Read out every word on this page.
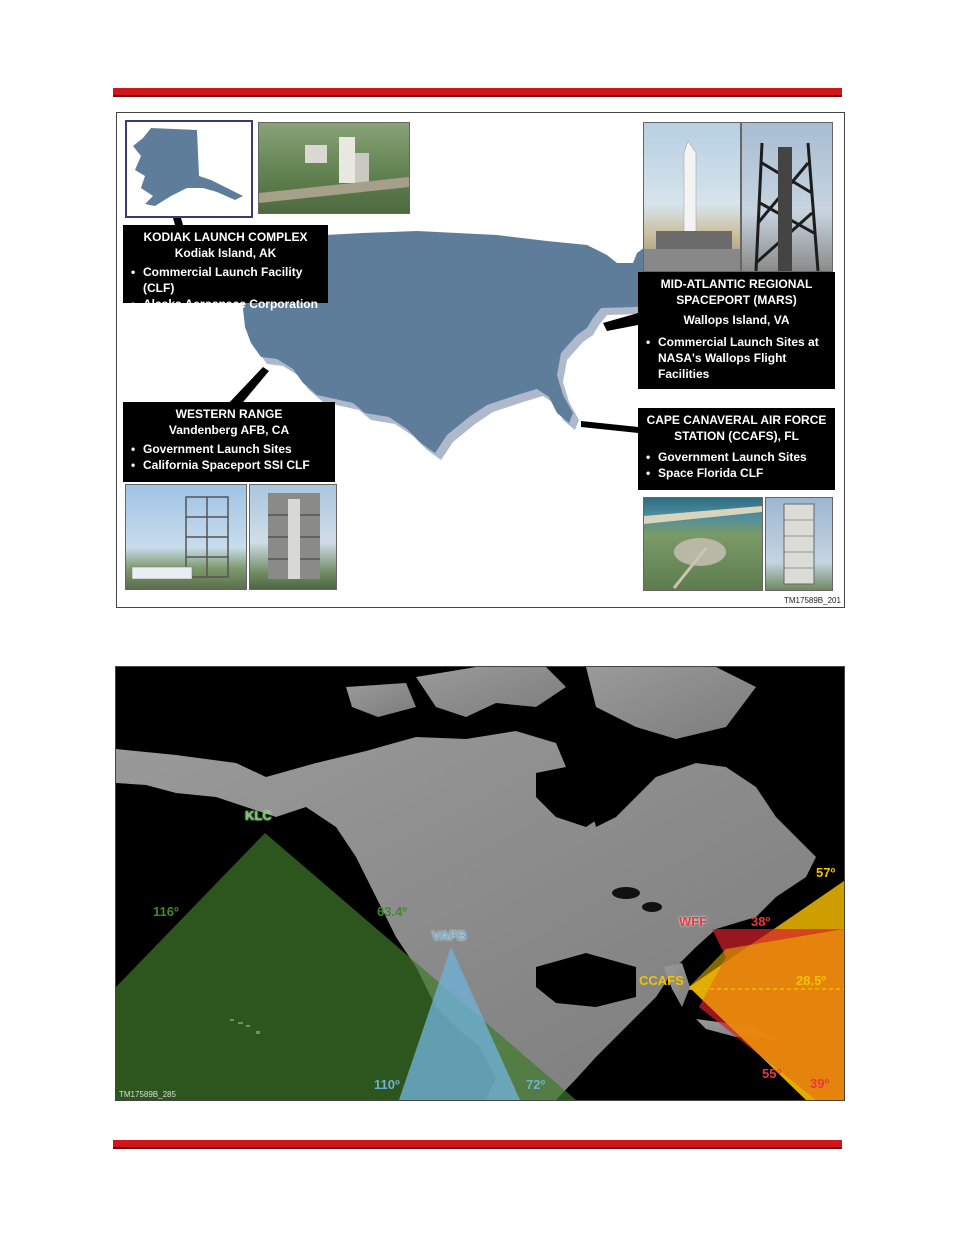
KODIAK LAUNCH COMPLEX
Kodiak Island, AK
• Commercial Launch Facility (CLF)
• Alaska Aerospace Corporation
MID-ATLANTIC REGIONAL
SPACEPORT (MARS)
Wallops Island, VA
• Commercial Launch Sites at NASA's Wallops Flight Facilities
WESTERN RANGE
Vandenberg AFB, CA
• Government Launch Sites
• California Spaceport SSI CLF
CAPE CANAVERAL AIR FORCE
STATION (CCAFS), FL
• Government Launch Sites
• Space Florida CLF
TM17589B_201
KLC
VAFB
WFF
CCAFS
116º	63.4º
110º	72º
38º
55º
57º
28.5º
39º
TM17589B_285
